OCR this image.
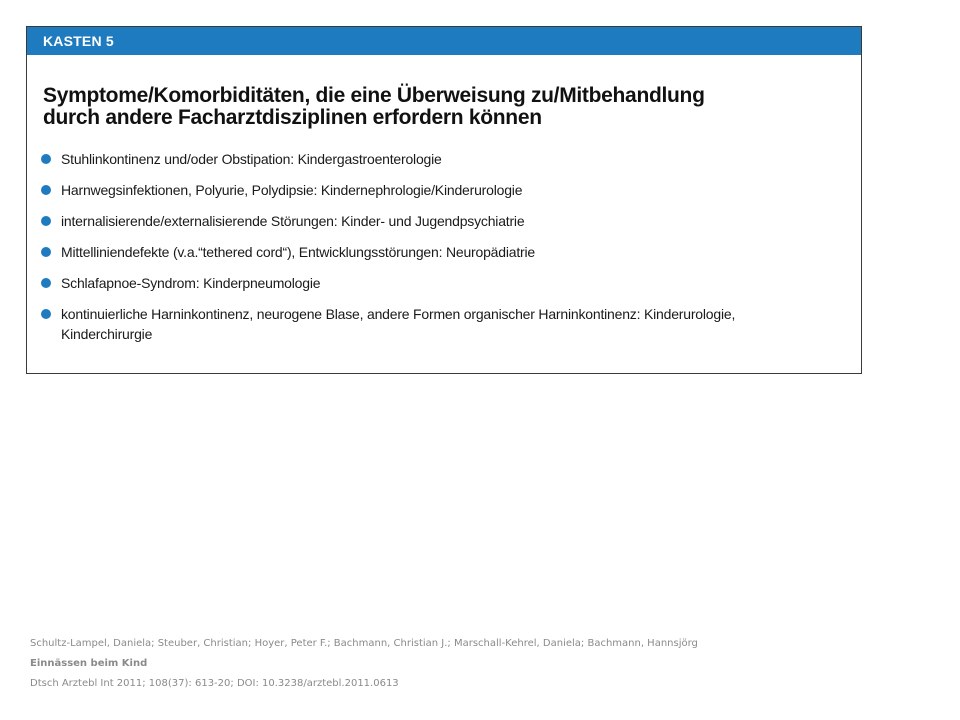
KASTEN 5
Symptome/Komorbiditäten, die eine Überweisung zu/Mitbehandlung
durch andere Facharztdisziplinen erfordern können
Stuhlinkontinenz und/oder Obstipation: Kindergastroenterologie
Harnwegsinfektionen, Polyurie, Polydipsie: Kindernephrologie/Kinderurologie
internalisierende/externalisierende Störungen: Kinder- und Jugendpsychiatrie
Mittelliniendefekte (v.a.“tethered cord“), Entwicklungsstörungen: Neuropädiatrie
Schlafapnoe-Syndrom: Kinderpneumologie
kontinuierliche Harninkontinenz, neurogene Blase, andere Formen organischer Harninkontinenz: Kinderurologie, Kinderchirurgie
Schultz-Lampel, Daniela; Steuber, Christian; Hoyer, Peter F.; Bachmann, Christian J.; Marschall-Kehrel, Daniela; Bachmann, Hannsjörg
Einnässen beim Kind
Dtsch Arztebl Int 2011; 108(37): 613-20; DOI: 10.3238/arztebl.2011.0613
